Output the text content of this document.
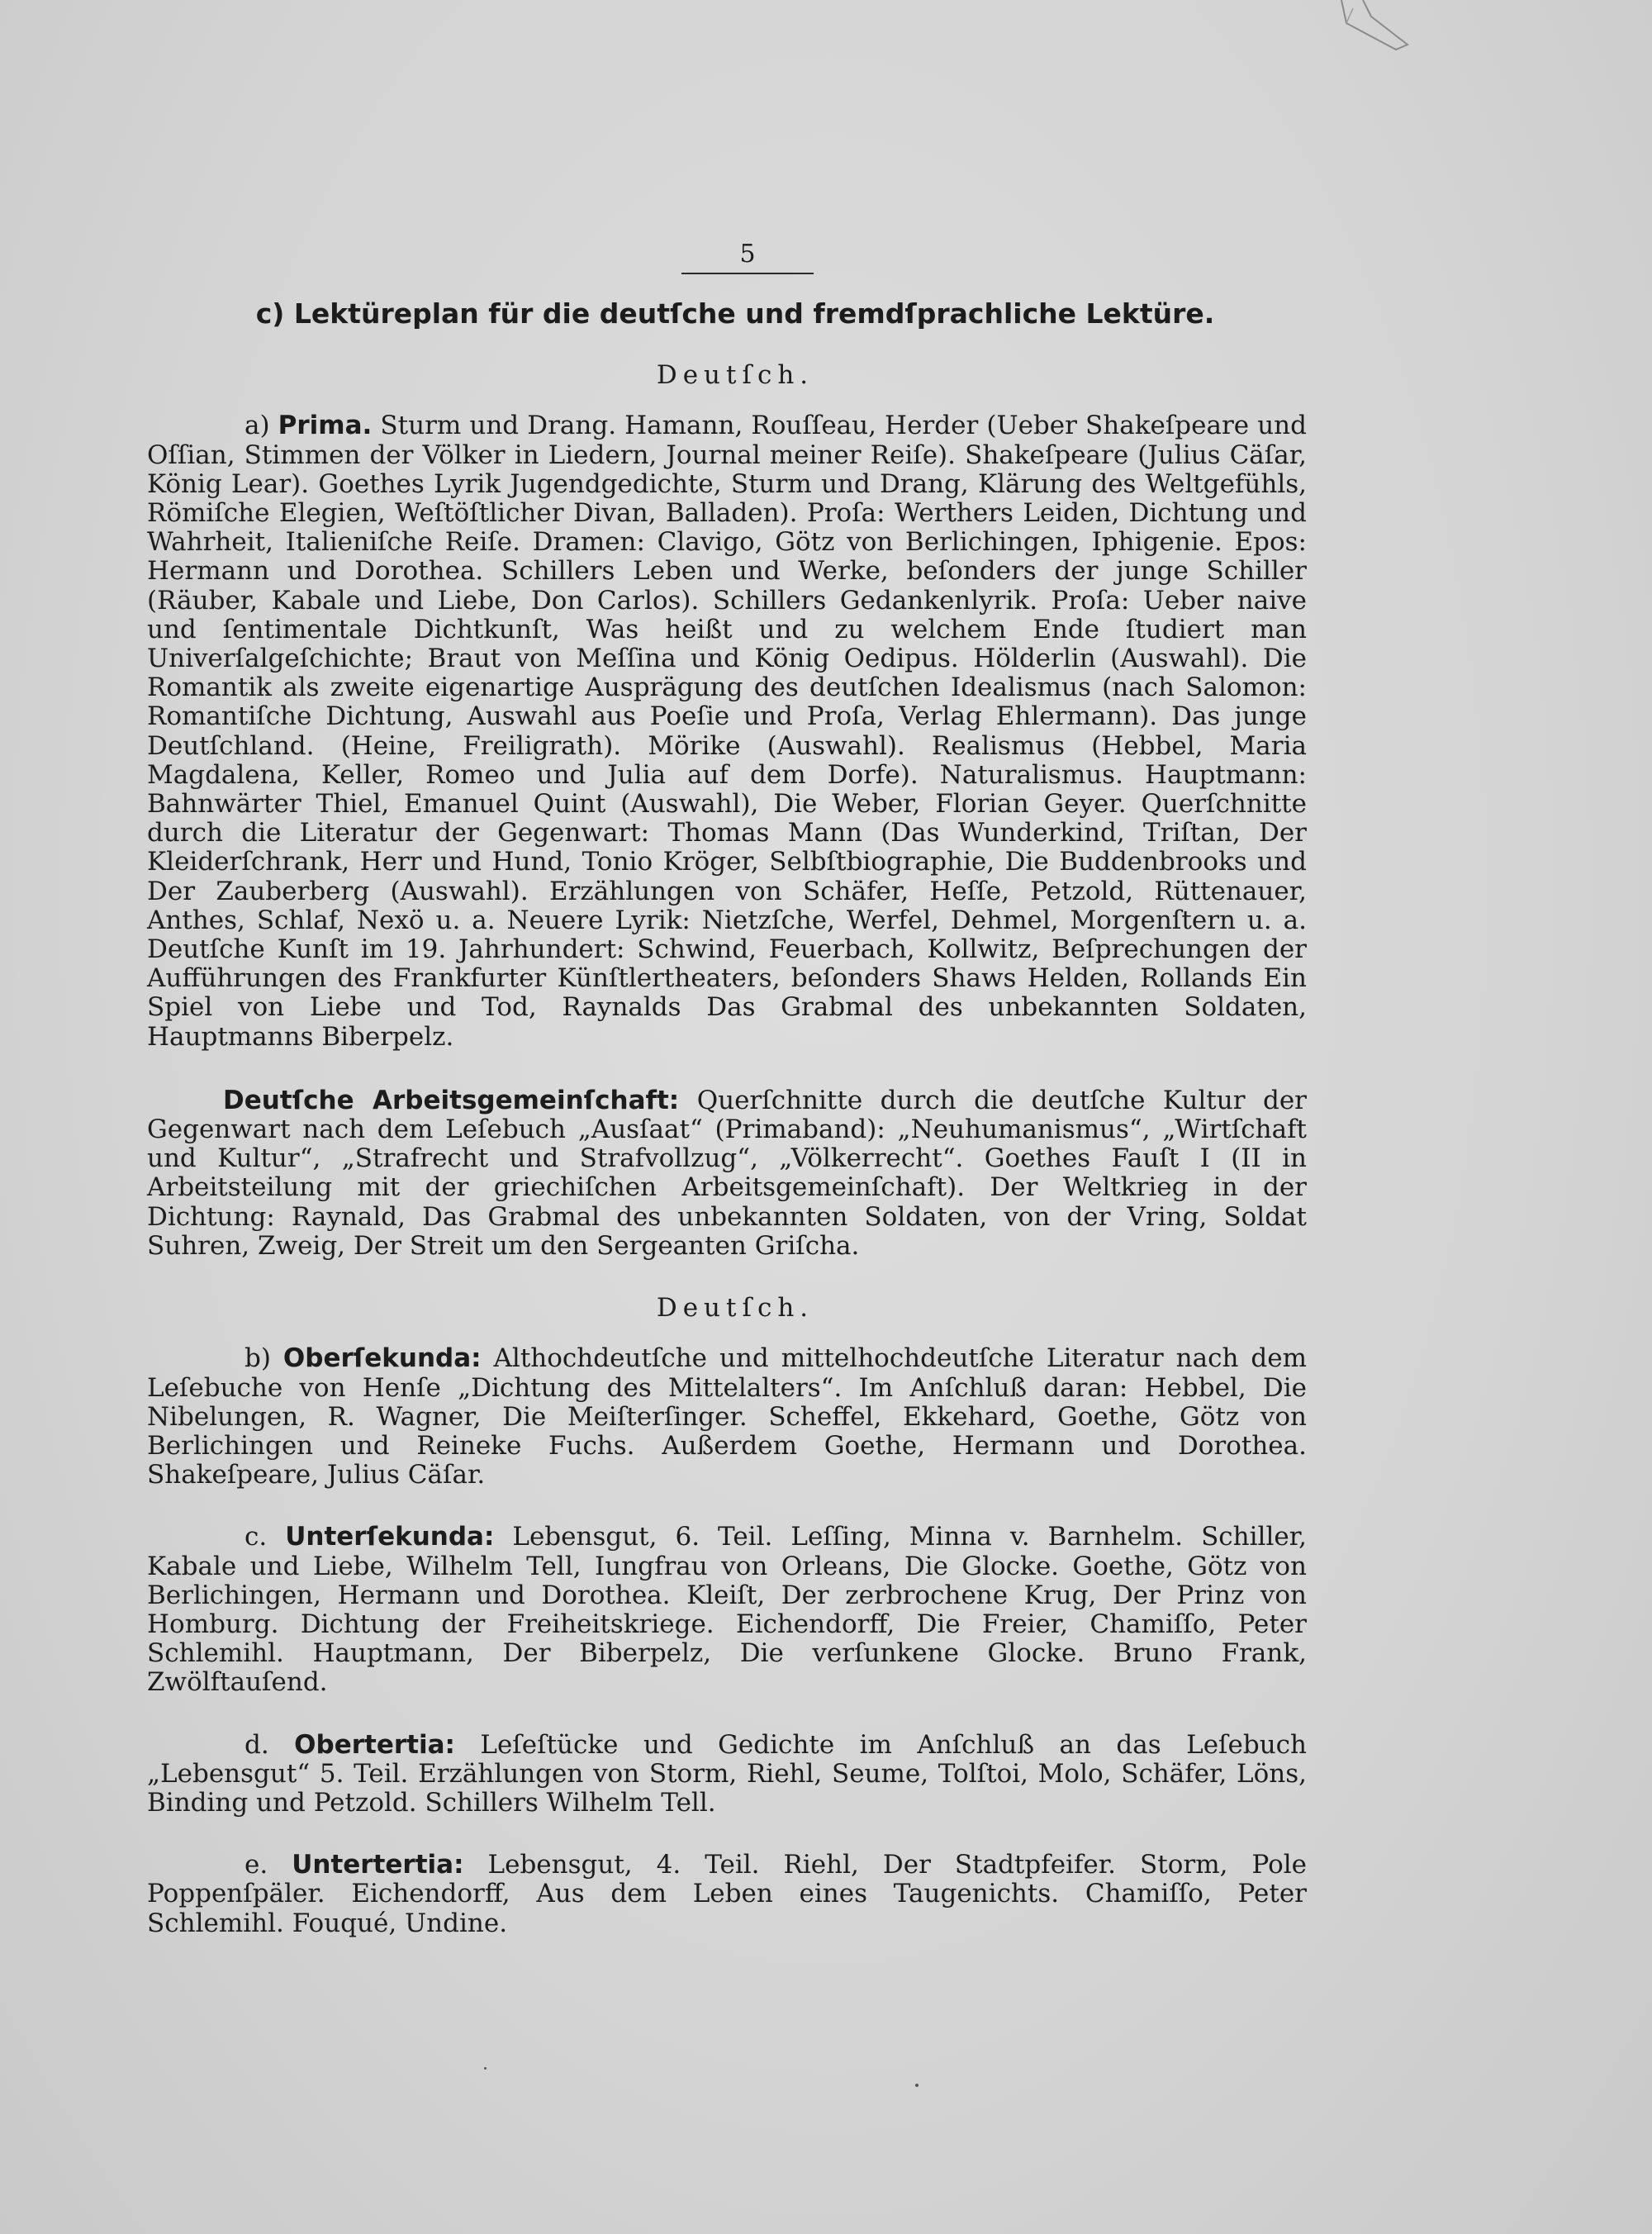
5

c) Lektüreplan für die deutſche und fremdſprachliche Lektüre.

Deutſch.

a) Prima. Sturm und Drang. Hamann, Rouſſeau, Herder (Ueber Shakeſpeare und Oſſian, Stimmen der Völker in Liedern, Journal meiner Reiſe). Shakeſpeare (Julius Cäſar, König Lear). Goethes Lyrik Jugendgedichte, Sturm und Drang, Klärung des Weltgefühls, Römiſche Elegien, Weſtöſtlicher Divan, Balladen). Proſa: Werthers Leiden, Dichtung und Wahrheit, Italieniſche Reiſe. Dramen: Clavigo, Götz von Berlichingen, Iphigenie. Epos: Hermann und Dorothea. Schillers Leben und Werke, beſonders der junge Schiller (Räuber, Kabale und Liebe, Don Carlos). Schillers Gedankenlyrik. Proſa: Ueber naive und ſentimentale Dichtkunſt, Was heißt und zu welchem Ende ſtudiert man Univerſalgeſchichte; Braut von Meſſina und König Oedipus. Hölderlin (Auswahl). Die Romantik als zweite eigenartige Ausprägung des deutſchen Idealismus (nach Salomon: Romantiſche Dichtung, Auswahl aus Poeſie und Proſa, Verlag Ehlermann). Das junge Deutſchland. (Heine, Freiligrath). Mörike (Auswahl). Realismus (Hebbel, Maria Magdalena, Keller, Romeo und Julia auf dem Dorfe). Naturalismus. Hauptmann: Bahnwärter Thiel, Emanuel Quint (Auswahl), Die Weber, Florian Geyer. Querſchnitte durch die Literatur der Gegenwart: Thomas Mann (Das Wunderkind, Triſtan, Der Kleiderſchrank, Herr und Hund, Tonio Kröger, Selbſtbiographie, Die Buddenbrooks und Der Zauberberg (Auswahl). Erzählungen von Schäfer, Heſſe, Petzold, Rüttenauer, Anthes, Schlaf, Nexö u. a. Neuere Lyrik: Nietzſche, Werfel, Dehmel, Morgenſtern u. a. Deutſche Kunſt im 19. Jahrhundert: Schwind, Feuerbach, Kollwitz, Beſprechungen der Aufführungen des Frankfurter Künſtlertheaters, beſonders Shaws Helden, Rollands Ein Spiel von Liebe und Tod, Raynalds Das Grabmal des unbekannten Soldaten, Hauptmanns Biberpelz.

Deutſche Arbeitsgemeinſchaft: Querſchnitte durch die deutſche Kultur der Gegenwart nach dem Leſebuch „Ausſaat“ (Primaband): „Neuhumanismus“, „Wirtſchaft und Kultur“, „Strafrecht und Strafvollzug“, „Völkerrecht“. Goethes Fauſt I (II in Arbeitsteilung mit der griechiſchen Arbeitsgemeinſchaft). Der Weltkrieg in der Dichtung: Raynald, Das Grabmal des unbekannten Soldaten, von der Vring, Soldat Suhren, Zweig, Der Streit um den Sergeanten Griſcha.

Deutſch.

b) Oberſekunda: Althochdeutſche und mittelhochdeutſche Literatur nach dem Leſebuche von Henſe „Dichtung des Mittelalters“. Im Anſchluß daran: Hebbel, Die Nibelungen, R. Wagner, Die Meiſterſinger. Scheffel, Ekkehard, Goethe, Götz von Berlichingen und Reineke Fuchs. Außerdem Goethe, Hermann und Dorothea. Shakeſpeare, Julius Cäſar.

c. Unterſekunda: Lebensgut, 6. Teil. Leſſing, Minna v. Barnhelm. Schiller, Kabale und Liebe, Wilhelm Tell, Iungfrau von Orleans, Die Glocke. Goethe, Götz von Berlichingen, Hermann und Dorothea. Kleiſt, Der zerbrochene Krug, Der Prinz von Homburg. Dichtung der Freiheitskriege. Eichendorff, Die Freier, Chamiſſo, Peter Schlemihl. Hauptmann, Der Biberpelz, Die verſunkene Glocke. Bruno Frank, Zwölftauſend.

d. Obertertia: Leſeſtücke und Gedichte im Anſchluß an das Leſebuch „Lebensgut“ 5. Teil. Erzählungen von Storm, Riehl, Seume, Tolſtoi, Molo, Schäfer, Löns, Binding und Petzold. Schillers Wilhelm Tell.

e. Untertertia: Lebensgut, 4. Teil. Riehl, Der Stadtpfeifer. Storm, Pole Poppenſpäler. Eichendorff, Aus dem Leben eines Taugenichts. Chamiſſo, Peter Schlemihl. Fouqué, Undine.
